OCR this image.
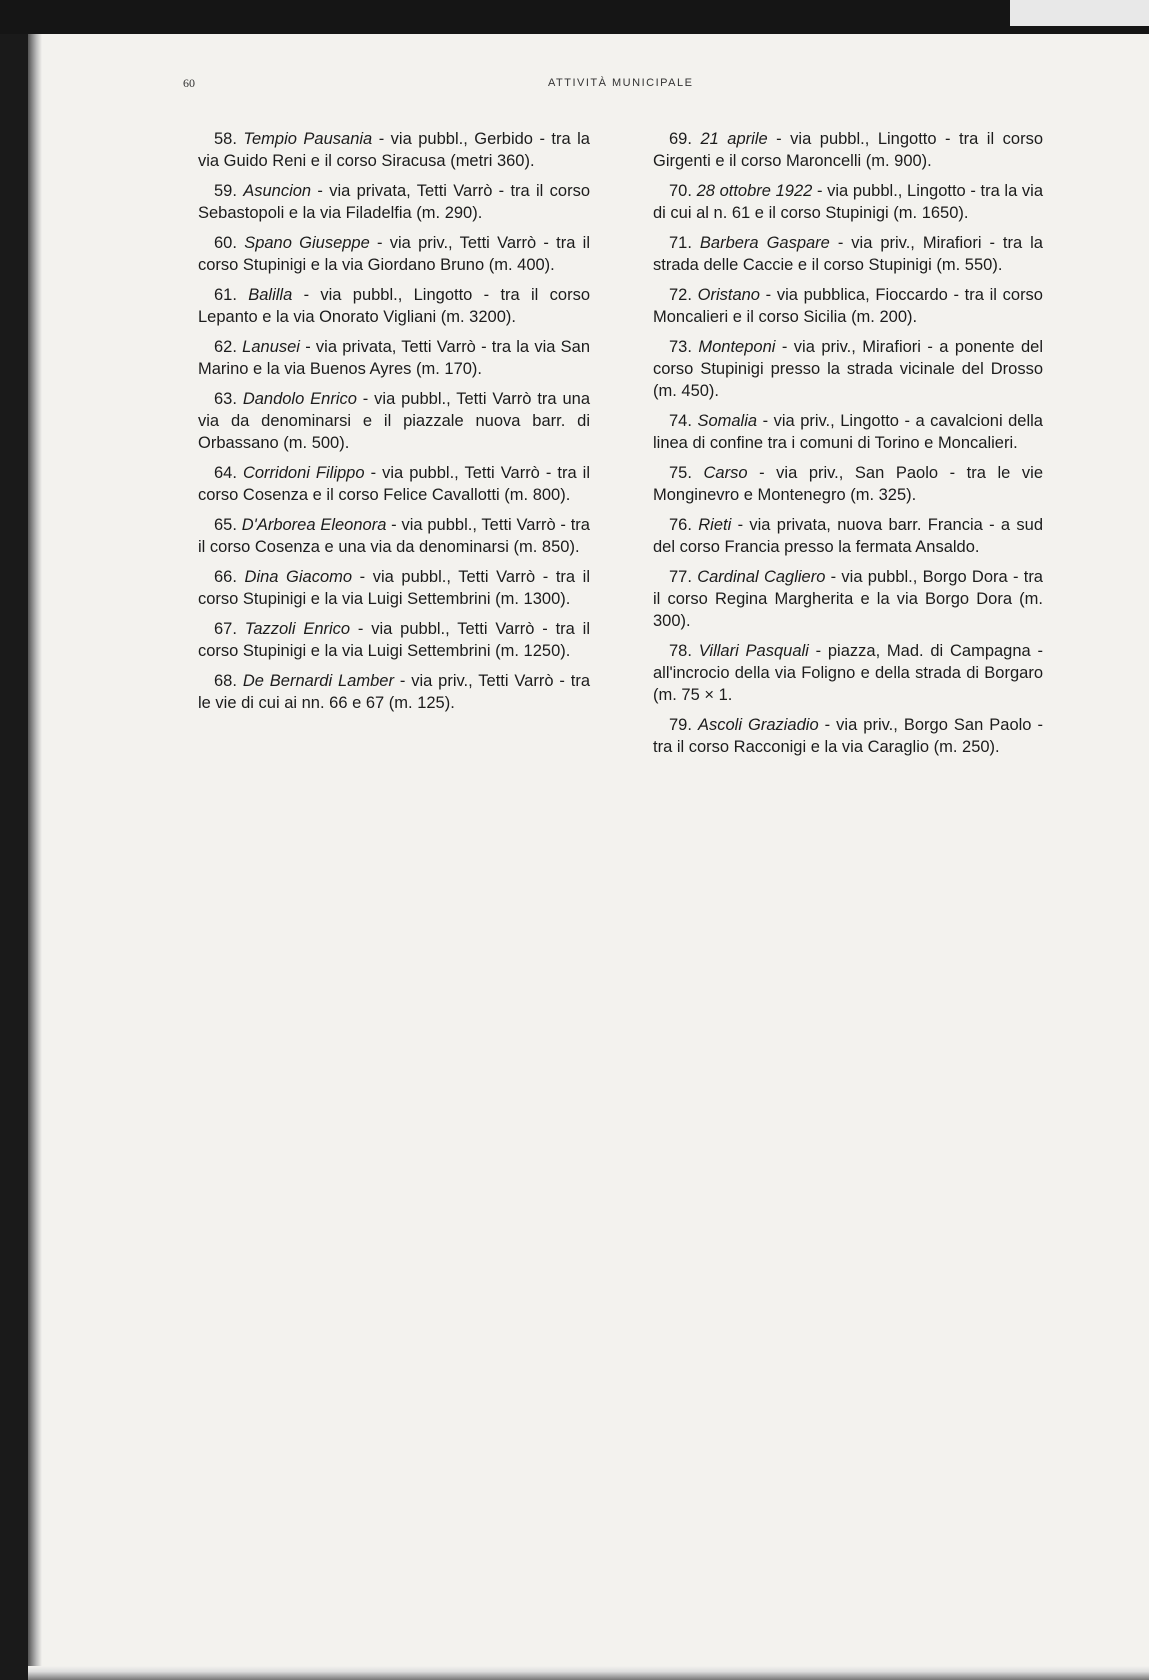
60	ATTIVITÀ MUNICIPALE

58. Tempio Pausania - via pubbl., Gerbido - tra la via Guido Reni e il corso Siracusa (metri 360).

59. Asuncion - via privata, Tetti Varrò - tra il corso Sebastopoli e la via Filadelfia (m. 290).

60. Spano Giuseppe - via priv., Tetti Varrò - tra il corso Stupinigi e la via Giordano Bruno (m. 400).

61. Balilla - via pubbl., Lingotto - tra il corso Lepanto e la via Onorato Vigliani (m. 3200).

62. Lanusei - via privata, Tetti Varrò - tra la via San Marino e la via Buenos Ayres (m. 170).

63. Dandolo Enrico - via pubbl., Tetti Varrò tra una via da denominarsi e il piazzale nuova barr. di Orbassano (m. 500).

64. Corridoni Filippo - via pubbl., Tetti Varrò - tra il corso Cosenza e il corso Felice Cavallotti (m. 800).

65. D'Arborea Eleonora - via pubbl., Tetti Varrò - tra il corso Cosenza e una via da denominarsi (m. 850).

66. Dina Giacomo - via pubbl., Tetti Varrò - tra il corso Stupinigi e la via Luigi Settembrini (m. 1300).

67. Tazzoli Enrico - via pubbl., Tetti Varrò - tra il corso Stupinigi e la via Luigi Settembrini (m. 1250).

68. De Bernardi Lamber - via priv., Tetti Varrò - tra le vie di cui ai nn. 66 e 67 (m. 125).

69. 21 aprile - via pubbl., Lingotto - tra il corso Girgenti e il corso Maroncelli (m. 900).

70. 28 ottobre 1922 - via pubbl., Lingotto - tra la via di cui al n. 61 e il corso Stupinigi (m. 1650).

71. Barbera Gaspare - via priv., Mirafiori - tra la strada delle Caccie e il corso Stupinigi (m. 550).

72. Oristano - via pubblica, Fioccardo - tra il corso Moncalieri e il corso Sicilia (m. 200).

73. Monteponi - via priv., Mirafiori - a ponente del corso Stupinigi presso la strada vicinale del Drosso (m. 450).

74. Somalia - via priv., Lingotto - a cavalcioni della linea di confine tra i comuni di Torino e Moncalieri.

75. Carso - via priv., San Paolo - tra le vie Monginevro e Montenegro (m. 325).

76. Rieti - via privata, nuova barr. Francia - a sud del corso Francia presso la fermata Ansaldo.

77. Cardinal Cagliero - via pubbl., Borgo Dora - tra il corso Regina Margherita e la via Borgo Dora (m. 300).

78. Villari Pasquali - piazza, Mad. di Campagna - all'incrocio della via Foligno e della strada di Borgaro (m. 75 × 1.

79. Ascoli Graziadio - via priv., Borgo San Paolo - tra il corso Racconigi e la via Caraglio (m. 250).
